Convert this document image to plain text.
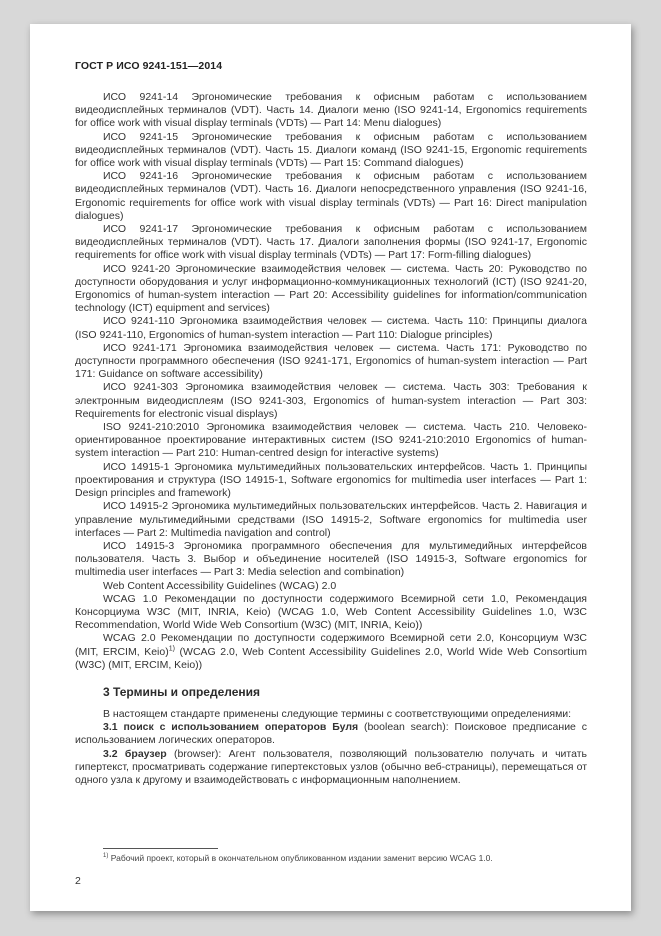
ГОСТ Р ИСО 9241-151—2014

ИСО 9241-14 Эргономические требования к офисным работам с использованием видеодисплейных терминалов (VDT). Часть 14. Диалоги меню (ISO 9241-14, Ergonomics requirements for office work with visual display terminals (VDTs) — Part 14: Menu dialogues)

ИСО 9241-15 Эргономические требования к офисным работам с использованием видеодисплейных терминалов (VDT). Часть 15. Диалоги команд (ISO 9241-15, Ergonomic requirements for office work with visual display terminals (VDTs) — Part 15: Command dialogues)

ИСО 9241-16 Эргономические требования к офисным работам с использованием видеодисплейных терминалов (VDT). Часть 16. Диалоги непосредственного управления (ISO 9241-16, Ergonomic requirements for office work with visual display terminals (VDTs) — Part 16: Direct manipulation dialogues)

ИСО 9241-17 Эргономические требования к офисным работам с использованием видеодисплейных терминалов (VDT). Часть 17. Диалоги заполнения формы (ISO 9241-17, Ergonomic requirements for office work with visual display terminals (VDTs) — Part 17: Form-filling dialogues)

ИСО 9241-20 Эргономические взаимодействия человек — система. Часть 20: Руководство по доступности оборудования и услуг информационно-коммуникационных технологий (ICT) (ISO 9241-20, Ergonomics of human-system interaction — Part 20: Accessibility guidelines for information/communication technology (ICT) equipment and services)

ИСО 9241-110 Эргономика взаимодействия человек — система. Часть 110: Принципы диалога (ISO 9241-110, Ergonomics of human-system interaction — Part 110: Dialogue principles)

ИСО 9241-171 Эргономика взаимодействия человек — система. Часть 171: Руководство по доступности программного обеспечения (ISO 9241-171, Ergonomics of human-system interaction — Part 171: Guidance on software accessibility)

ИСО 9241-303 Эргономика взаимодействия человек — система. Часть 303: Требования к электронным видеодисплеям (ISO 9241-303, Ergonomics of human-system interaction — Part 303: Requirements for electronic visual displays)

ISO 9241-210:2010 Эргономика взаимодействия человек — система. Часть 210. Человеко-ориентированное проектирование интерактивных систем (ISO 9241-210:2010 Ergonomics of human-system interaction — Part 210: Human-centred design for interactive systems)

ИСО 14915-1 Эргономика мультимедийных пользовательских интерфейсов. Часть 1. Принципы проектирования и структура (ISO 14915-1, Software ergonomics for multimedia user interfaces — Part 1: Design principles and framework)

ИСО 14915-2 Эргономика мультимедийных пользовательских интерфейсов. Часть 2. Навигация и управление мультимедийными средствами (ISO 14915-2, Software ergonomics for multimedia user interfaces — Part 2: Multimedia navigation and control)

ИСО 14915-3 Эргономика программного обеспечения для мультимедийных интерфейсов пользователя. Часть 3. Выбор и объединение носителей (ISO 14915-3, Software ergonomics for multimedia user interfaces — Part 3: Media selection and combination)

Web Content Accessibility Guidelines (WCAG) 2.0

WCAG 1.0 Рекомендации по доступности содержимого Всемирной сети 1.0, Рекомендация Консорциума W3C (MIT, INRIA, Keio) (WCAG 1.0, Web Content Accessibility Guidelines 1.0, W3C Recommendation, World Wide Web Consortium (W3C) (MIT, INRIA, Keio))

WCAG 2.0 Рекомендации по доступности содержимого Всемирной сети 2.0, Консорциум W3C (MIT, ERCIM, Keio)$^{1)}$ (WCAG 2.0, Web Content Accessibility Guidelines 2.0, World Wide Web Consortium (W3C) (MIT, ERCIM, Keio))

3 Термины и определения

В настоящем стандарте применены следующие термины с соответствующими определениями:

3.1 поиск с использованием операторов Буля (boolean search): Поисковое предписание с использованием логических операторов.

3.2 браузер (browser): Агент пользователя, позволяющий пользователю получать и читать гипертекст, просматривать содержание гипертекстовых узлов (обычно веб-страницы), перемещаться от одного узла к другому и взаимодействовать с информационным наполнением.

$^{1)}$ Рабочий проект, который в окончательном опубликованном издании заменит версию WCAG 1.0.

2
